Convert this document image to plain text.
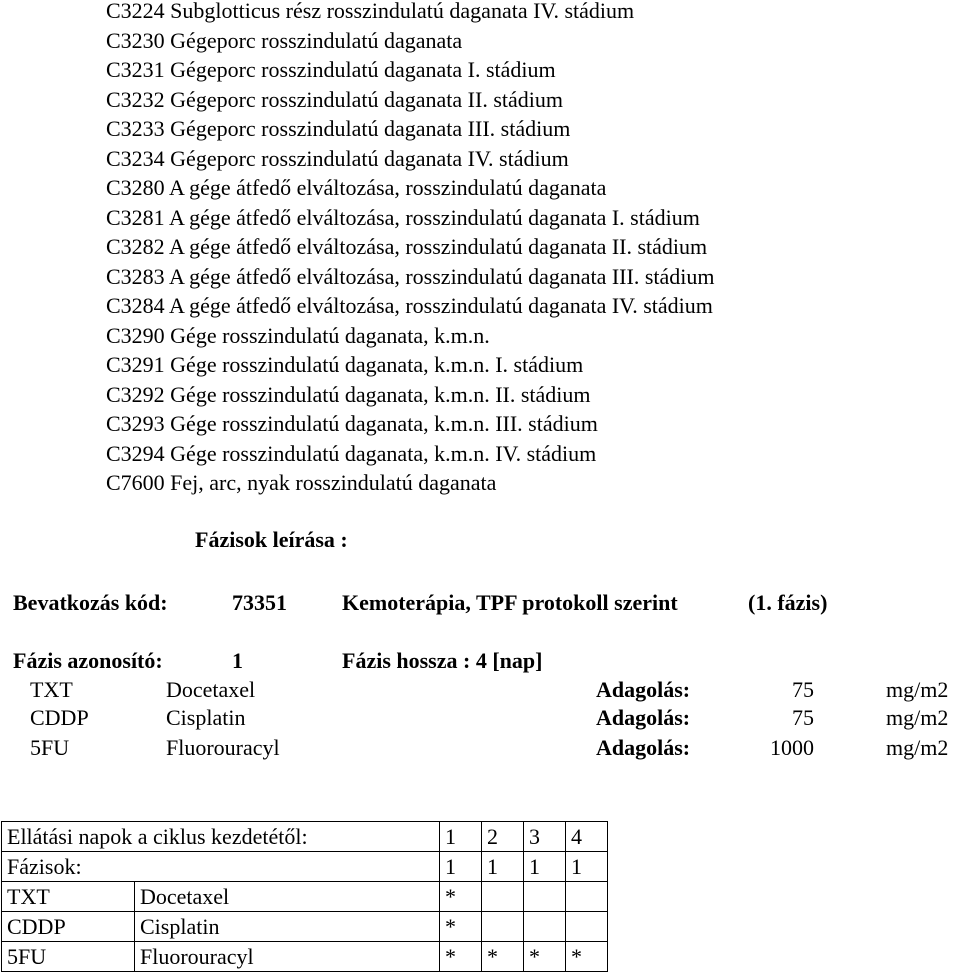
C3224 Subglotticus rész rosszindulatú daganata IV. stádium
C3230 Gégeporc rosszindulatú daganata
C3231 Gégeporc rosszindulatú daganata I. stádium
C3232 Gégeporc rosszindulatú daganata II. stádium
C3233 Gégeporc rosszindulatú daganata III. stádium
C3234 Gégeporc rosszindulatú daganata IV. stádium
C3280 A gége átfedő elváltozása, rosszindulatú daganata
C3281 A gége átfedő elváltozása, rosszindulatú daganata I. stádium
C3282 A gége átfedő elváltozása, rosszindulatú daganata II. stádium
C3283 A gége átfedő elváltozása, rosszindulatú daganata III. stádium
C3284 A gége átfedő elváltozása, rosszindulatú daganata IV. stádium
C3290 Gége rosszindulatú daganata, k.m.n.
C3291 Gége rosszindulatú daganata, k.m.n. I. stádium
C3292 Gége rosszindulatú daganata, k.m.n. II. stádium
C3293 Gége rosszindulatú daganata, k.m.n. III. stádium
C3294 Gége rosszindulatú daganata, k.m.n. IV. stádium
C7600 Fej, arc, nyak rosszindulatú daganata
Fázisok leírása :
Bevatkozás kód:	73351	Kemoterápia, TPF protokoll szerint	(1. fázis)
Fázis azonosító:	1	Fázis hossza : 4 [nap]
TXT	Docetaxel	Adagolás:	75	mg/m2
CDDP	Cisplatin	Adagolás:	75	mg/m2
5FU	Fluorouracyl	Adagolás:	1000	mg/m2
Ellátási napok a ciklus kezdetétől:		1	2	3	4
Fázisok:		1	1	1	1
TXT	Docetaxel	*			
CDDP	Cisplatin	*			
5FU	Fluorouracyl	*	*	*	*
